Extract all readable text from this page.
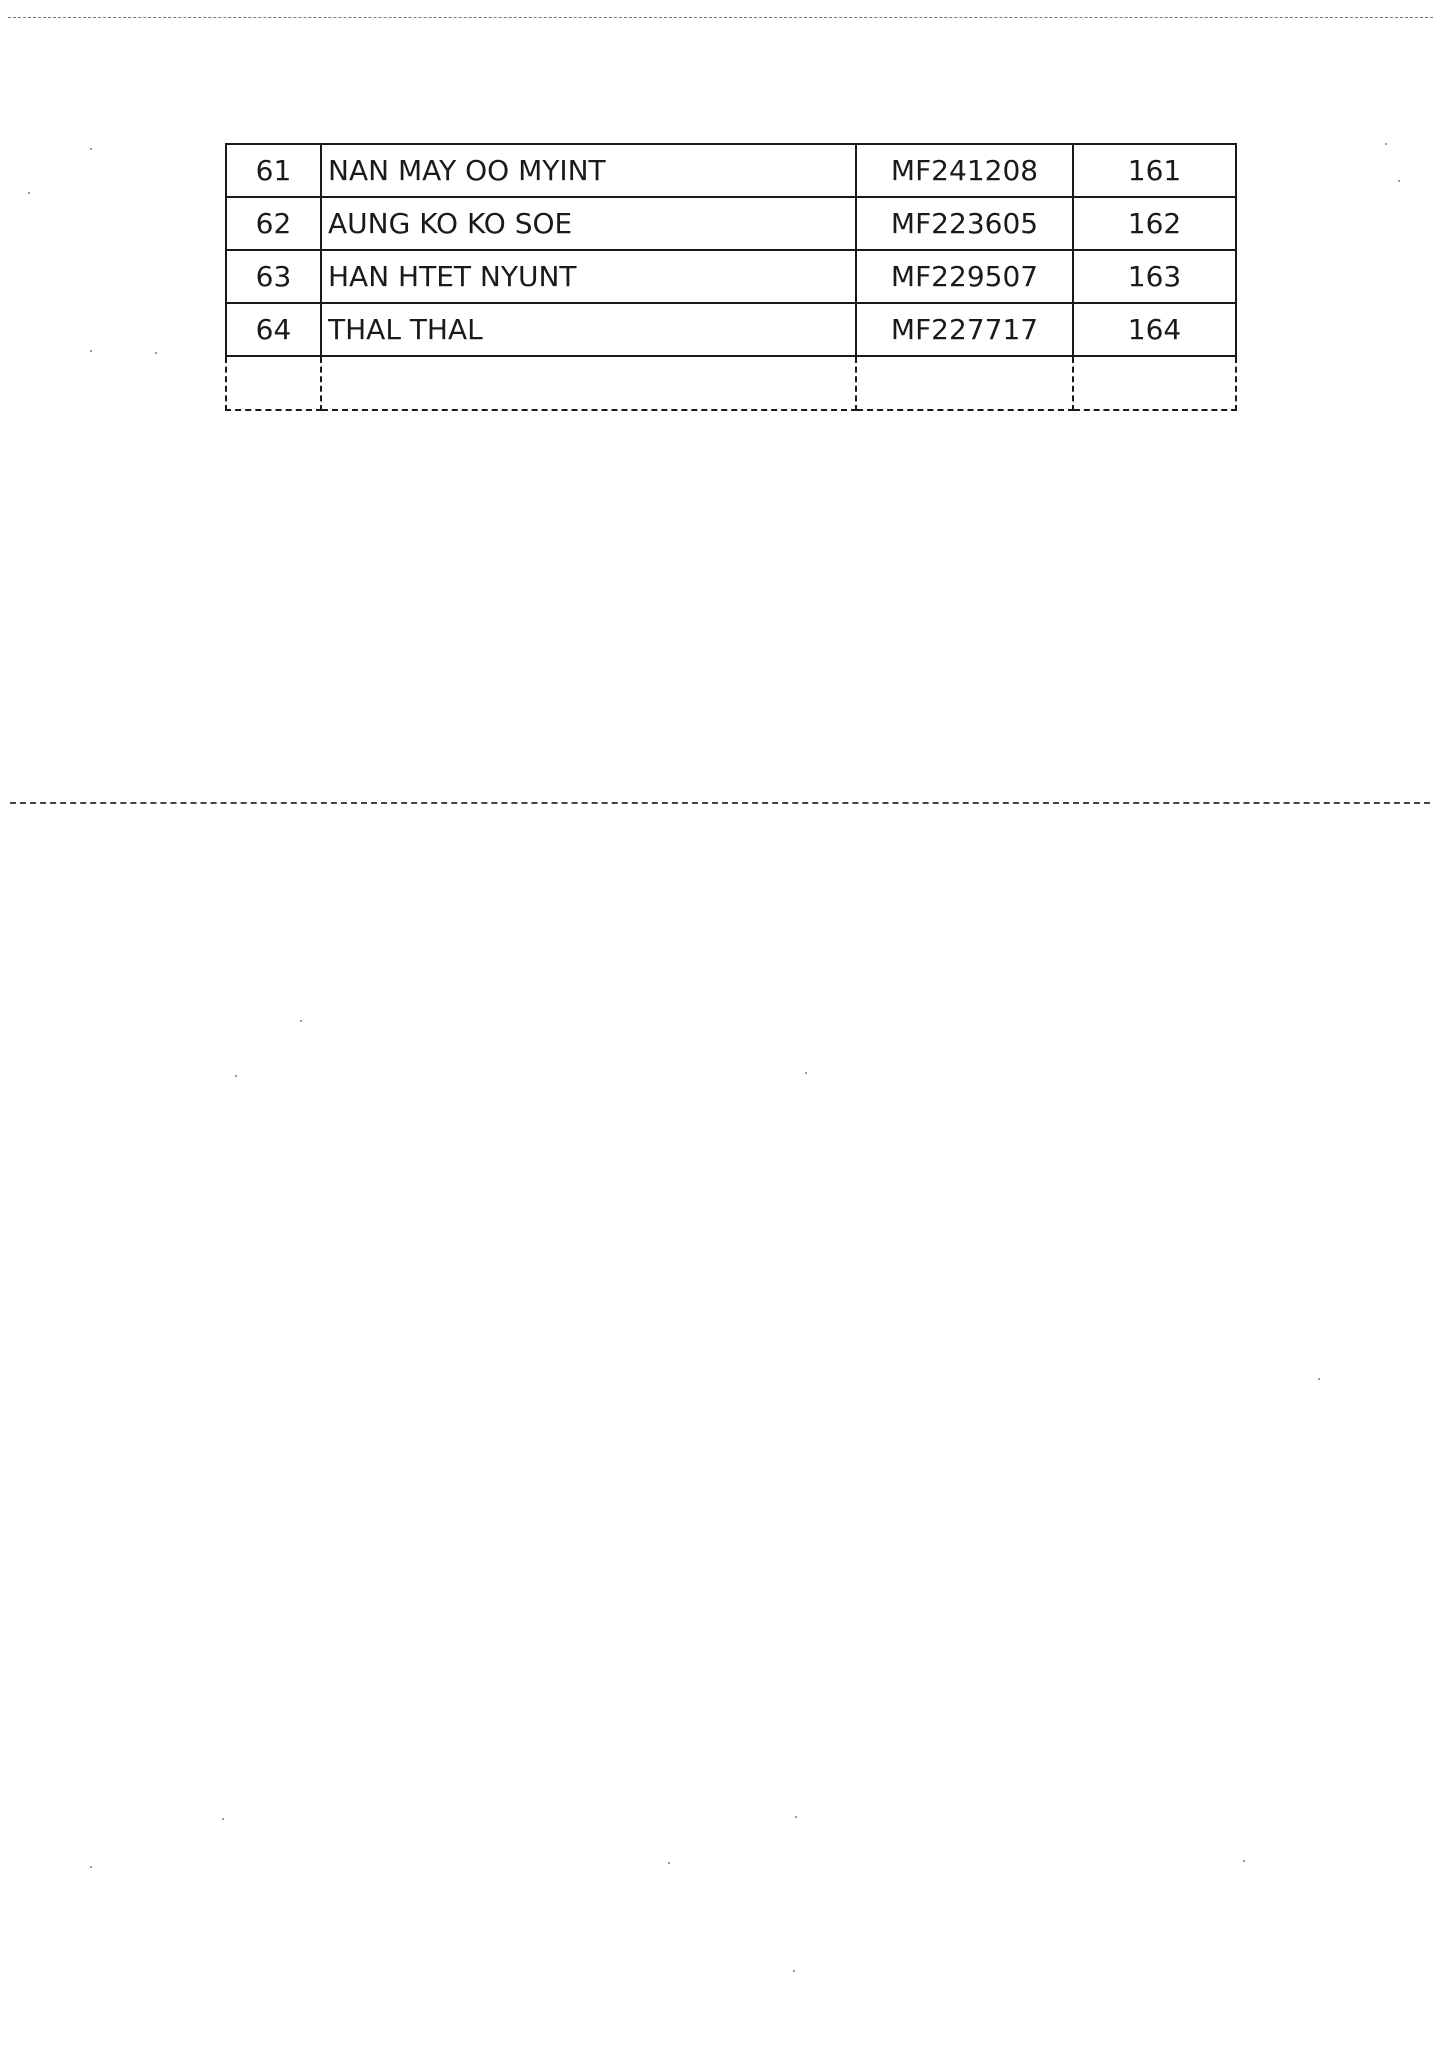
61	NAN MAY OO MYINT	MF241208	161
62	AUNG KO KO SOE	MF223605	162
63	HAN HTET NYUNT	MF229507	163
64	THAL THAL	MF227717	164
